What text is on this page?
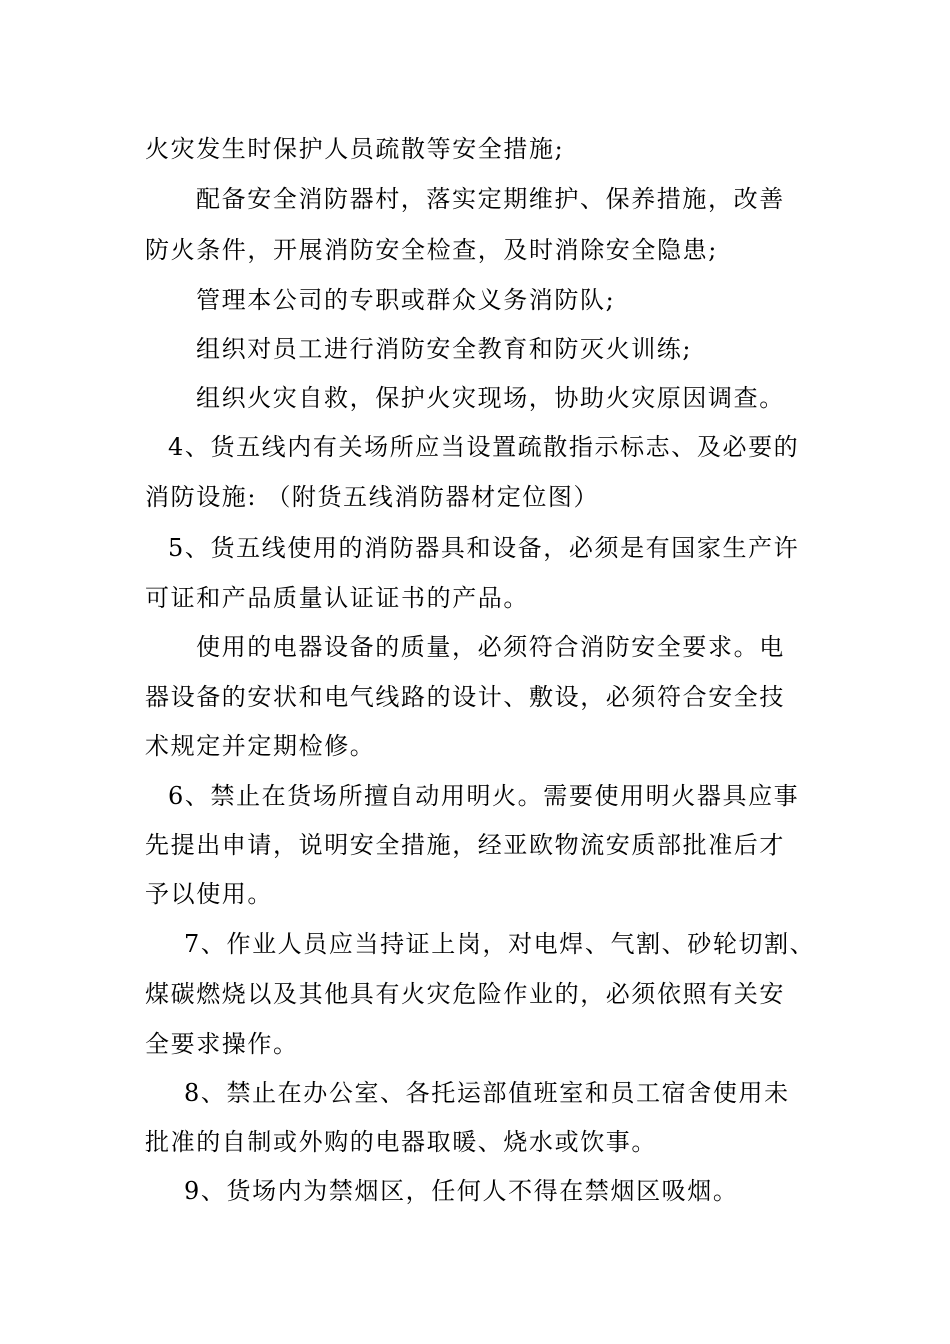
火灾发生时保护人员疏散等安全措施;
配备安全消防器村，落实定期维护、保养措施，改善
防火条件，开展消防安全检查，及时消除安全隐患;
管理本公司的专职或群众义务消防队;
组织对员工进行消防安全教育和防灭火训练;
组织火灾自救，保护火灾现场，协助火灾原因调查。
4、货五线内有关场所应当设置疏散指示标志、及必要的
消防设施: （附货五线消防器材定位图）
5、货五线使用的消防器具和设备，必须是有国家生产许
可证和产品质量认证证书的产品。
使用的电器设备的质量，必须符合消防安全要求。电
器设备的安状和电气线路的设计、敷设，必须符合安全技
术规定并定期检修。
6、禁止在货场所擅自动用明火。需要使用明火器具应事
先提出申请，说明安全措施，经亚欧物流安质部批准后才
予以使用。
7、作业人员应当持证上岗，对电焊、气割、砂轮切割、
煤碳燃烧以及其他具有火灾危险作业的，必须依照有关安
全要求操作。
8、禁止在办公室、各托运部值班室和员工宿舍使用未
批准的自制或外购的电器取暖、烧水或饮事。
9、货场内为禁烟区，任何人不得在禁烟区吸烟。
